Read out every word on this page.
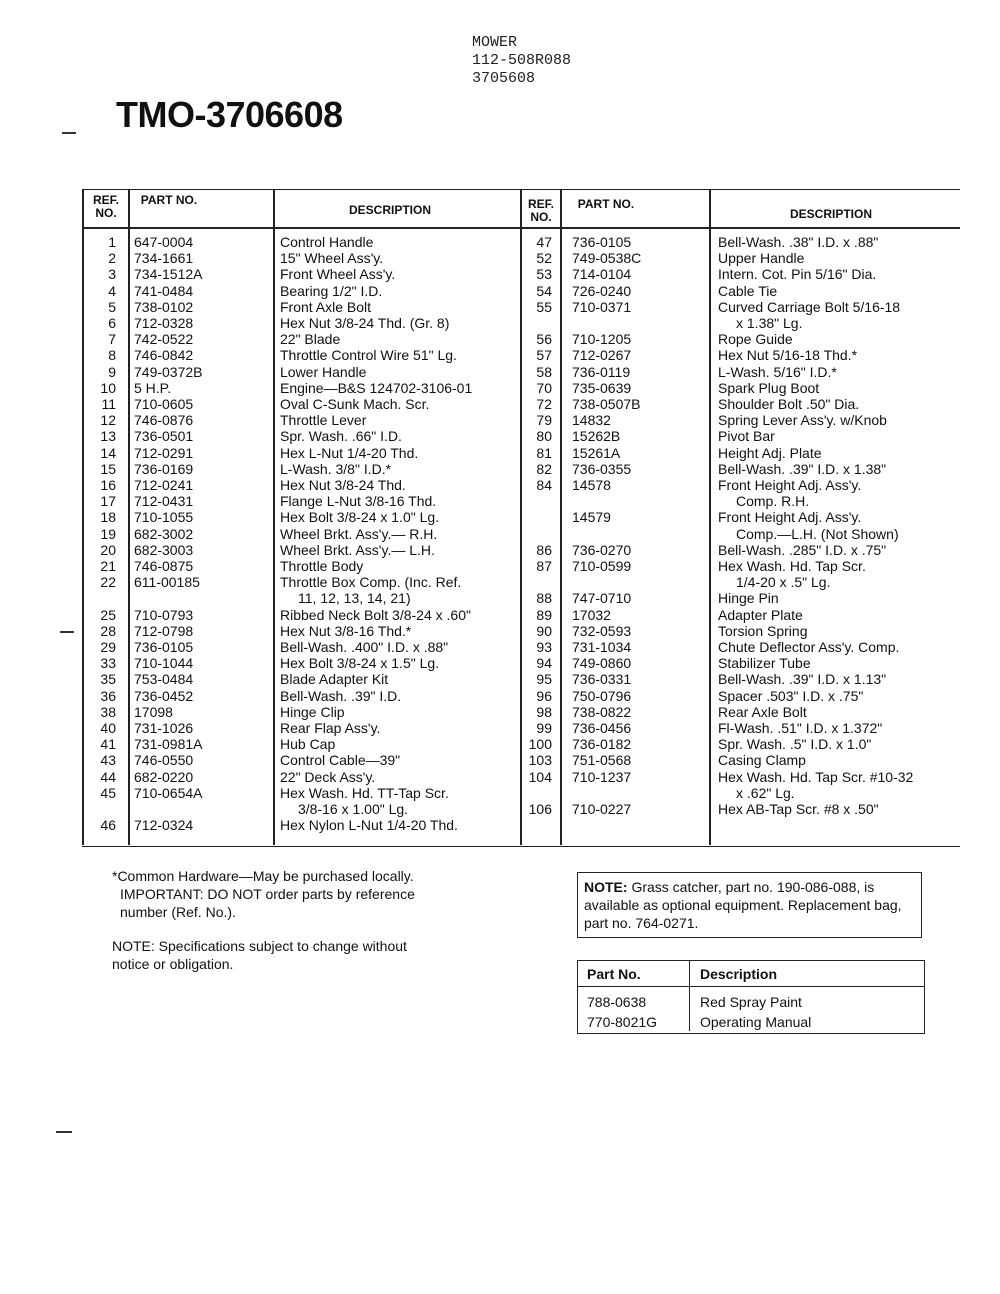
MOWER
112-508R088
3705608
TMO-3706608
REF. NO.
PART NO.
DESCRIPTION	REF. NO.
PART NO.
DESCRIPTION
1 647-0004	Control Handle
2 734-1661	15" Wheel Ass'y.
3 734-1512A	Front Wheel Ass'y.
4 741-0484	Bearing 1/2" I.D.
5 738-0102	Front Axle Bolt
6 712-0328	Hex Nut 3/8-24 Thd. (Gr. 8)
7 742-0522	22" Blade
8 746-0842	Throttle Control Wire 51" Lg.
9 749-0372B	Lower Handle
10 5 H.P.	Engine—B&S 124702-3106-01
11 710-0605	Oval C-Sunk Mach. Scr.
12 746-0876	Throttle Lever
13 736-0501	Spr. Wash. .66" I.D.
14 712-0291	Hex L-Nut 1/4-20 Thd.
15 736-0169	L-Wash. 3/8" I.D.*
16 712-0241	Hex Nut 3/8-24 Thd.
17 712-0431	Flange L-Nut 3/8-16 Thd.
18 710-1055	Hex Bolt 3/8-24 x 1.0" Lg.
19 682-3002	Wheel Brkt. Ass'y.— R.H.
20 682-3003	Wheel Brkt. Ass'y.— L.H.
21 746-0875	Throttle Body
22 611-00185	Throttle Box Comp. (Inc. Ref.
11, 12, 13, 14, 21)
25 710-0793	Ribbed Neck Bolt 3/8-24 x .60"
28 712-0798	Hex Nut 3/8-16 Thd.*
29 736-0105	Bell-Wash. .400" I.D. x .88"
33 710-1044	Hex Bolt 3/8-24 x 1.5" Lg.
35 753-0484	Blade Adapter Kit
36 736-0452	Bell-Wash. .39" I.D.
38 17098	Hinge Clip
40 731-1026	Rear Flap Ass'y.
41 731-0981A	Hub Cap
43 746-0550	Control Cable—39"
44 682-0220	22" Deck Ass'y.
45 710-0654A	Hex Wash. Hd. TT-Tap Scr.
3/8-16 x 1.00" Lg.
46 712-0324	Hex Nylon L-Nut 1/4-20 Thd.
47 736-0105	Bell-Wash. .38" I.D. x .88"
52 749-0538C	Upper Handle
53 714-0104	Intern. Cot. Pin 5/16" Dia.
54 726-0240	Cable Tie
55 710-0371	Curved Carriage Bolt 5/16-18
x 1.38" Lg.
56 710-1205	Rope Guide
57 712-0267	Hex Nut 5/16-18 Thd.*
58 736-0119	L-Wash. 5/16" I.D.*
70 735-0639	Spark Plug Boot
72 738-0507B	Shoulder Bolt .50" Dia.
79 14832	Spring Lever Ass'y. w/Knob
80 15262B	Pivot Bar
81 15261A	Height Adj. Plate
82 736-0355	Bell-Wash. .39" I.D. x 1.38"
84 14578	Front Height Adj. Ass'y.
Comp. R.H.
14579	Front Height Adj. Ass'y.
Comp.—L.H. (Not Shown)
86 736-0270	Bell-Wash. .285" I.D. x .75"
87 710-0599	Hex Wash. Hd. Tap Scr.
1/4-20 x .5" Lg.
88 747-0710	Hinge Pin
89 17032	Adapter Plate
90 732-0593	Torsion Spring
93 731-1034	Chute Deflector Ass'y. Comp.
94 749-0860	Stabilizer Tube
95 736-0331	Bell-Wash. .39" I.D. x 1.13"
96 750-0796	Spacer .503" I.D. x .75"
98 738-0822	Rear Axle Bolt
99 736-0456	Fl-Wash. .51" I.D. x 1.372"
100 736-0182	Spr. Wash. .5" I.D. x 1.0"
103 751-0568	Casing Clamp
104 710-1237	Hex Wash. Hd. Tap Scr. #10-32
x .62" Lg.
106 710-0227	Hex AB-Tap Scr. #8 x .50"

*Common Hardware—May be purchased locally.

IMPORTANT: DO NOT order parts by reference

number (Ref. No.).

NOTE: Specifications subject to change without
notice or obligation.
NOTE: Grass catcher, part no. 190-086-088, is available as optional equipment. Replacement bag, part no. 764-0271.
Part No.	Description
788-0638	Red Spray Paint
770-8021G	Operating Manual
